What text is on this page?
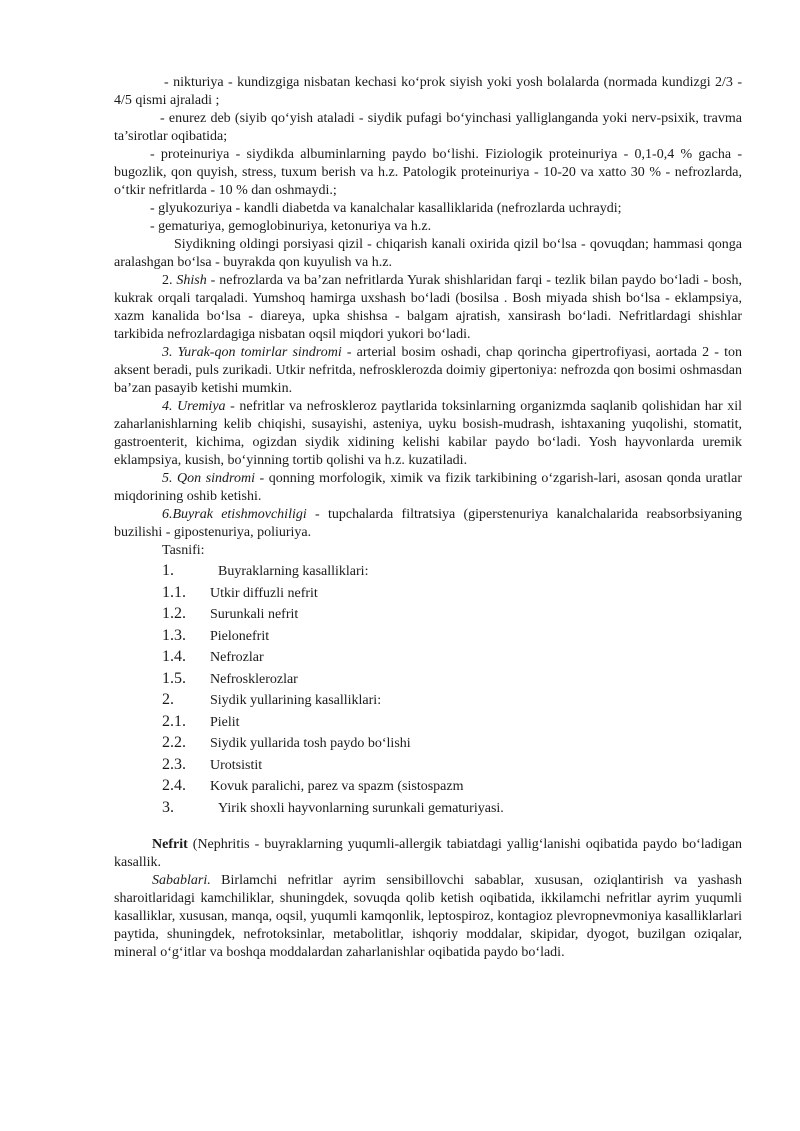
- nikturiya - kundizgiga nisbatan kechasi ko‘prok siyish yoki yosh bolalarda (normada kundizgi 2/3 - 4/5 qismi ajraladi ;

- enurez deb (siyib qo‘yish ataladi - siydik pufagi bo‘yinchasi yalliglanganda yoki nerv-psixik, travma ta’sirotlar oqibatida;

- proteinuriya - siydikda albuminlarning paydo bo‘lishi. Fiziologik proteinuriya - 0,1-0,4 % gacha - bugozlik, qon quyish, stress, tuxum berish va h.z. Patologik proteinuriya - 10-20 va xatto 30 % - nefrozlarda, o‘tkir nefritlarda - 10 % dan oshmaydi.;

- glyukozuriya - kandli diabetda va kanalchalar kasalliklarida (nefrozlarda uchraydi;

- gematuriya, gemoglobinuriya, ketonuriya va h.z.

Siydikning oldingi porsiyasi qizil - chiqarish kanali oxirida qizil bo‘lsa - qovuqdan; hammasi qonga aralashgan bo‘lsa - buyrakda qon kuyulish va h.z.

2. Shish - nefrozlarda va ba’zan nefritlarda Yurak shishlaridan farqi - tezlik bilan paydo bo‘ladi - bosh, kukrak orqali tarqaladi. Yumshoq hamirga uxshash bo‘ladi (bosilsa . Bosh miyada shish bo‘lsa - eklampsiya, xazm kanalida bo‘lsa - diareya, upka shishsa - balgam ajratish, xansirash bo‘ladi. Nefritlardagi shishlar tarkibida nefrozlardagiga nisbatan oqsil miqdori yukori bo‘ladi.

3. Yurak-qon tomirlar sindromi - arterial bosim oshadi, chap qorincha gipertrofiyasi, aortada 2 - ton aksent beradi, puls zurikadi. Utkir nefritda, nefrosklerozda doimiy gipertoniya: nefrozda qon bosimi oshmasdan ba’zan pasayib ketishi mumkin.

4. Uremiya - nefritlar va nefroskleroz paytlarida toksinlarning organizmda saqlanib qolishidan har xil zaharlanishlarning kelib chiqishi, susayishi, asteniya, uyku bosish-mudrash, ishtaxaning yuqolishi, stomatit, gastroenterit, kichima, ogizdan siydik xidining kelishi kabilar paydo bo‘ladi. Yosh hayvonlarda uremik eklampsiya, kusish, bo‘yinning tortib qolishi va h.z. kuzatiladi.

5. Qon sindromi - qonning morfologik, ximik va fizik tarkibining o‘zgarish-lari, asosan qonda uratlar miqdorining oshib ketishi.

6.Buyrak etishmovchiligi - tupchalarda filtratsiya (giperstenuriya kanalchalarida reabsorbsiyaning buzilishi - gipostenuriya, poliuriya.

Tasnifi:

1.	Buyraklarning kasalliklari:
1.1.	Utkir diffuzli nefrit
1.2.	Surunkali nefrit
1.3.	Pielonefrit
1.4.	Nefrozlar
1.5.	Nefrosklerozlar
2.	Siydik yullarining kasalliklari:
2.1.	Pielit
2.2.	Siydik yullarida tosh paydo bo‘lishi
2.3.	Urotsistit
2.4.	Kovuk paralichi, parez va spazm (sistospazm
3.	Yirik shoxli hayvonlarning surunkali gematuriyasi.

Nefrit (Nephritis - buyraklarning yuqumli-allergik tabiatdagi yallig‘lanishi oqibatida paydo bo‘ladigan kasallik.

Sabablari. Birlamchi nefritlar ayrim sensibillovchi sabablar, xususan, oziqlantirish va yashash sharoitlaridagi kamchiliklar, shuningdek, sovuqda qolib ketish oqibatida, ikkilamchi nefritlar ayrim yuqumli kasalliklar, xususan, manqa, oqsil, yuqumli kamqonlik, leptospiroz, kontagioz plevropnevmoniya kasalliklarlari paytida, shuningdek, nefrotoksinlar, metabolitlar, ishqoriy moddalar, skipidar, dyogot, buzilgan oziqalar, mineral o‘g‘itlar va boshqa moddalardan zaharlanishlar oqibatida paydo bo‘ladi.
